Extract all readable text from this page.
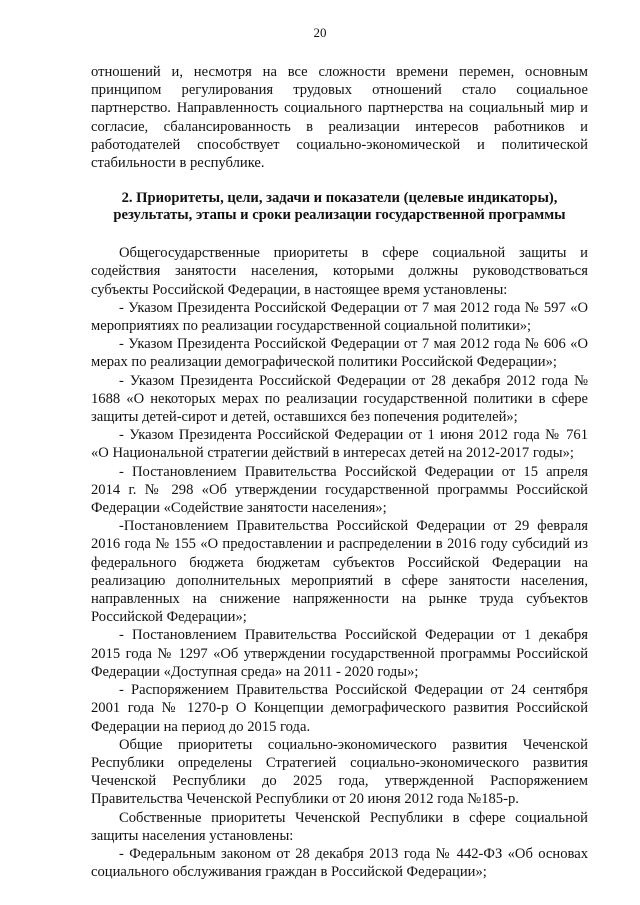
20

отношений и, несмотря на все сложности времени перемен, основным принципом регулирования трудовых отношений стало социальное партнерство. Направленность социального партнерства на социальный мир и согласие, сбалансированность в реализации интересов работников и работодателей способствует социально-экономической и политической стабильности в республике.

2. Приоритеты, цели, задачи и показатели (целевые индикаторы), результаты, этапы и сроки реализации государственной программы

Общегосударственные приоритеты в сфере социальной защиты и содействия занятости населения, которыми должны руководствоваться субъекты Российской Федерации, в настоящее время установлены:

- Указом Президента Российской Федерации от 7 мая 2012 года № 597 «О мероприятиях по реализации государственной социальной политики»;

- Указом Президента Российской Федерации от 7 мая 2012 года № 606 «О мерах по реализации демографической политики Российской Федерации»;

- Указом Президента Российской Федерации от 28 декабря 2012 года № 1688 «О некоторых мерах по реализации государственной политики в сфере защиты детей-сирот и детей, оставшихся без попечения родителей»;

- Указом Президента Российской Федерации от 1 июня 2012 года № 761 «О Национальной стратегии действий в интересах детей на 2012-2017 годы»;

- Постановлением Правительства Российской Федерации от 15 апреля 2014 г. № 298 «Об утверждении государственной программы Российской Федерации «Содействие занятости населения»;

-Постановлением Правительства Российской Федерации от 29 февраля 2016 года № 155 «О предоставлении и распределении в 2016 году субсидий из федерального бюджета бюджетам субъектов Российской Федерации на реализацию дополнительных мероприятий в сфере занятости населения, направленных на снижение напряженности на рынке труда субъектов Российской Федерации»;

- Постановлением Правительства Российской Федерации от 1 декабря 2015 года № 1297 «Об утверждении государственной программы Российской Федерации «Доступная среда» на 2011 - 2020 годы»;

- Распоряжением Правительства Российской Федерации от 24 сентября 2001 года № 1270-р О Концепции демографического развития Российской Федерации на период до 2015 года.

Общие приоритеты социально-экономического развития Чеченской Республики определены Стратегией социально-экономического развития Чеченской Республики до 2025 года, утвержденной Распоряжением Правительства Чеченской Республики от 20 июня 2012 года №185-р.

Собственные приоритеты Чеченской Республики в сфере социальной защиты населения установлены:

- Федеральным законом от 28 декабря 2013 года № 442-ФЗ «Об основах социального обслуживания граждан в Российской Федерации»;
